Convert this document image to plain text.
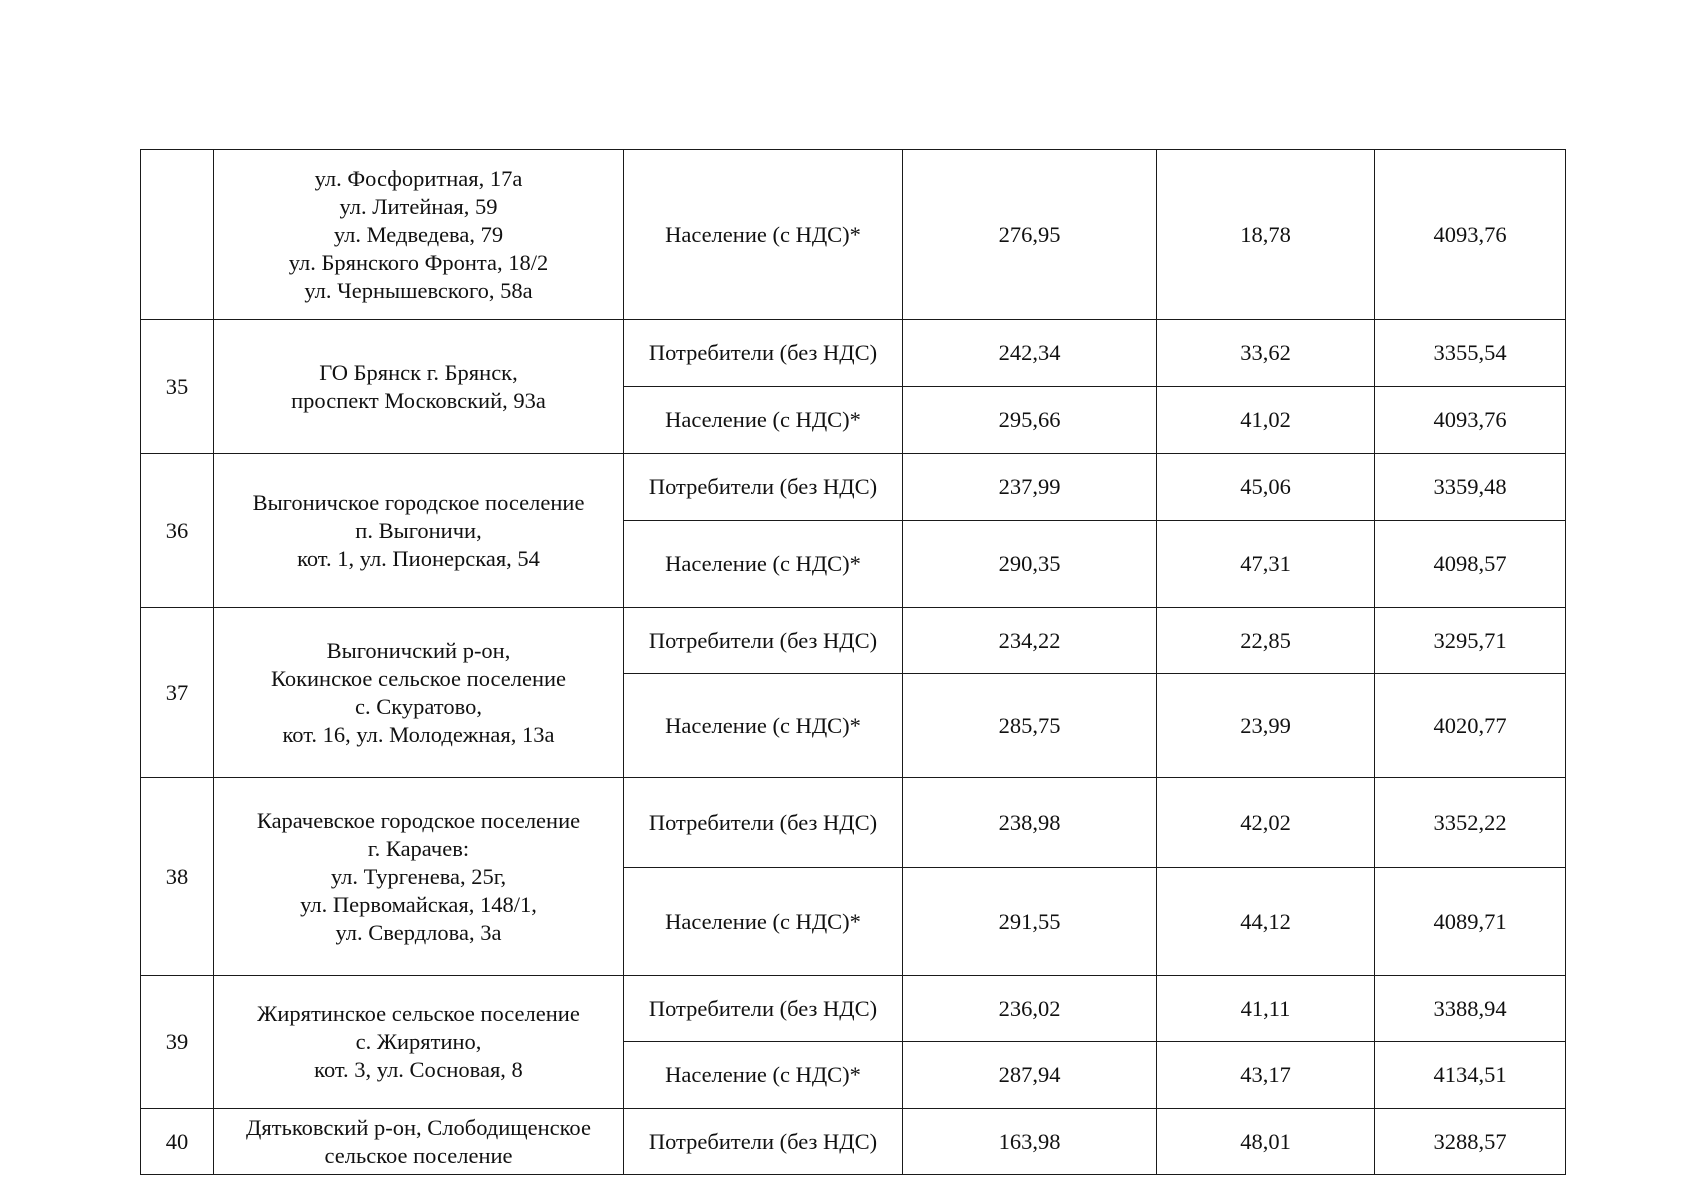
	ул. Фосфоритная, 17а
ул. Литейная, 59
ул. Медведева, 79
ул. Брянского Фронта, 18/2
ул. Чернышевского, 58а	Население (с НДС)*	276,95	18,78	4093,76
35	ГО Брянск г. Брянск,
проспект Московский, 93а	Потребители (без НДС)	242,34	33,62	3355,54
		Население (с НДС)*	295,66	41,02	4093,76
36	Выгоничское городское поселение
п. Выгоничи,
кот. 1, ул. Пионерская, 54	Потребители (без НДС)	237,99	45,06	3359,48
		Население (с НДС)*	290,35	47,31	4098,57
37	Выгоничский р-он,
Кокинское сельское поселение
с. Скуратово,
кот. 16, ул. Молодежная, 13а	Потребители (без НДС)	234,22	22,85	3295,71
		Население (с НДС)*	285,75	23,99	4020,77
38	Карачевское городское поселение
г. Карачев:
ул. Тургенева, 25г,
ул. Первомайская, 148/1,
ул. Свердлова, 3а	Потребители (без НДС)	238,98	42,02	3352,22
		Население (с НДС)*	291,55	44,12	4089,71
39	Жирятинское сельское поселение
с. Жирятино,
кот. 3, ул. Сосновая, 8	Потребители (без НДС)	236,02	41,11	3388,94
		Население (с НДС)*	287,94	43,17	4134,51
40	Дятьковский р-он, Слободищенское
сельское поселение	Потребители (без НДС)	163,98	48,01	3288,57
